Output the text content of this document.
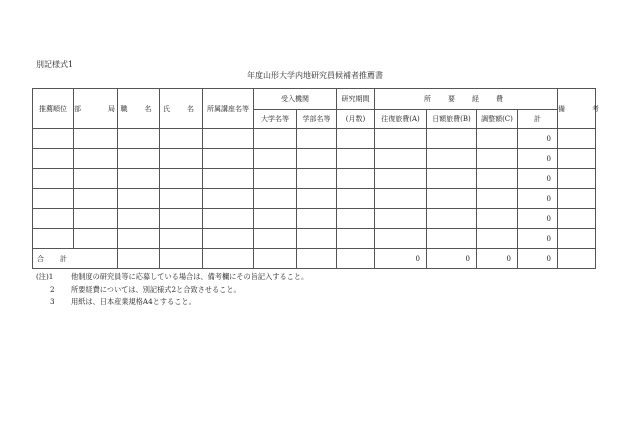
別記様式1
年度山形大学内地研究員候補者推薦書
推薦順位	部　局	職　名	氏　名	所属講座名等	受入機関		研究期間	所　要　経　費				備　考
					大学名等	学部名等	(月数)	往復旅費(A)	日額旅費(B)	調整額(C)	計	
											0	
											0	
											0	
											0	
											0	
											0	
合計								0	0	0	0	
(注)1	他制度の研究員等に応募している場合は、備考欄にその旨記入すること。
2	所要経費については、別記様式2と合致させること。
3	用紙は、日本産業規格A4とすること。
